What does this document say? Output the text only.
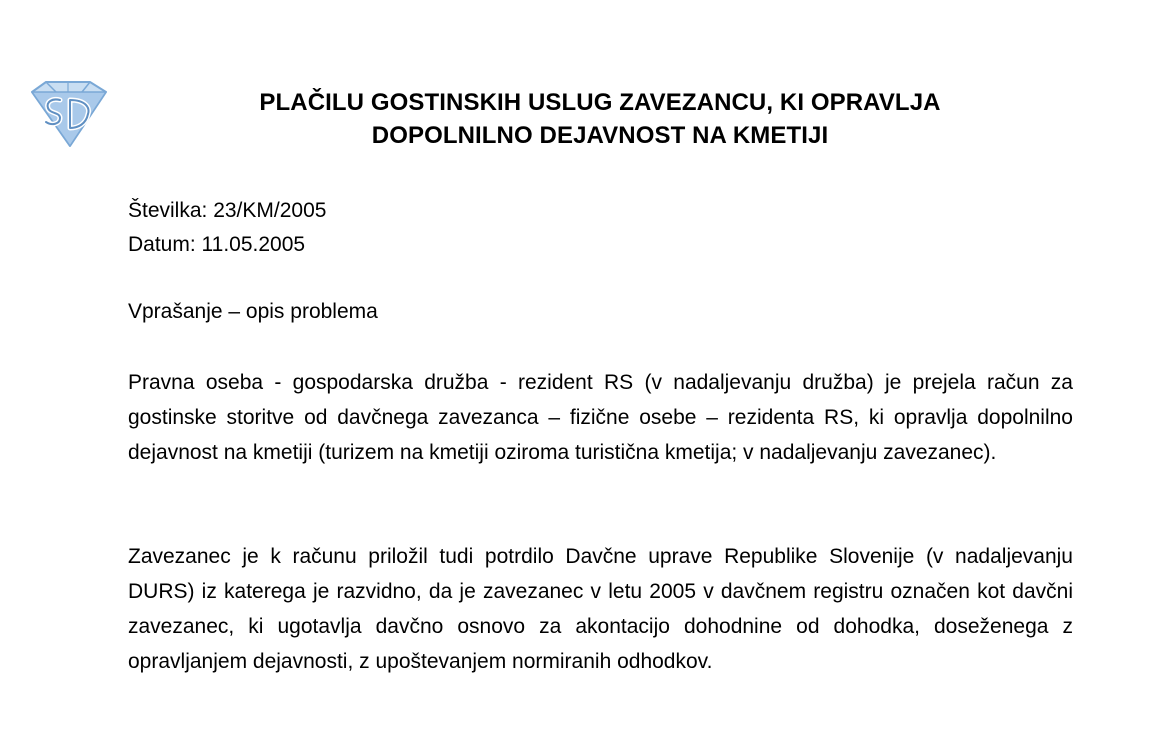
PLAČILU GOSTINSKIH USLUG ZAVEZANCU, KI OPRAVLJA
DOPOLNILNO DEJAVNOST NA KMETIJI
Številka: 23/KM/2005
Datum: 11.05.2005
Vprašanje – opis problema

Pravna oseba - gospodarska družba - rezident RS (v nadaljevanju družba) je prejela račun za gostinske storitve od davčnega zavezanca – fizične osebe – rezidenta RS, ki opravlja dopolnilno dejavnost na kmetiji (turizem na kmetiji oziroma turistična kmetija; v nadaljevanju zavezanec).

Zavezanec je k računu priložil tudi potrdilo Davčne uprave Republike Slovenije (v nadaljevanju DURS) iz katerega je razvidno, da je zavezanec v letu 2005 v davčnem registru označen kot davčni zavezanec, ki ugotavlja davčno osnovo za akontacijo dohodnine od dohodka, doseženega z opravljanjem dejavnosti, z upoštevanjem normiranih odhodkov.
